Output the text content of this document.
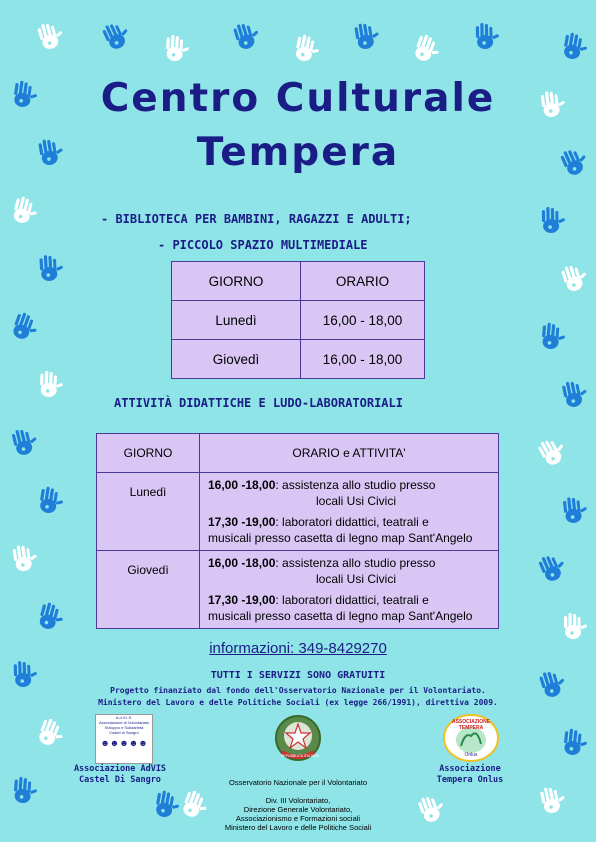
Centro Culturale
Tempera
- BIBLIOTECA PER BAMBINI, RAGAZZI E ADULTI;
- PICCOLO SPAZIO MULTIMEDIALE
GIORNO	ORARIO
Lunedì	16,00 - 18,00
Giovedì	16,00 - 18,00
ATTIVITÀ DIDATTICHE E LUDO-LABORATORIALI
GIORNO	ORARIO e ATTIVITA'
Lunedì	16,00 -18,00: assistenza allo studio presso
locali Usi Civici
17,30 -19,00: laboratori didattici, teatrali e
musicali presso casetta di legno map Sant'Angelo

Giovedì	16,00 -18,00: assistenza allo studio presso
locali Usi Civici
17,30 -19,00: laboratori didattici, teatrali e
musicali presso casetta di legno map Sant'Angelo
informazioni: 349-8429270
TUTTI I SERVIZI SONO GRATUITI
Progetto finanziato dal fondo dell'Osservatorio Nazionale per il Volontariato.
Ministero del Lavoro e delle Politiche Sociali (ex legge 266/1991), direttiva 2009.
A.d.V.I.S.
Associazione di Volontariato
Sviluppo e Solidarietà
Castel di Sangro
☻☻☻☻☻
Associazione AdVIS
Castel Di Sangro
REPUBBLICA ITALIANA
Osservatorio Nazionale per il Volontariato
ASSOCIAZIONE TEMPERA
Onlus
Associazione
Tempera Onlus
Div. III Volontariato,
Direzione Generale Volontariato,
Associazionismo e Formazioni sociali
Ministero del Lavoro e delle Politiche Sociali
